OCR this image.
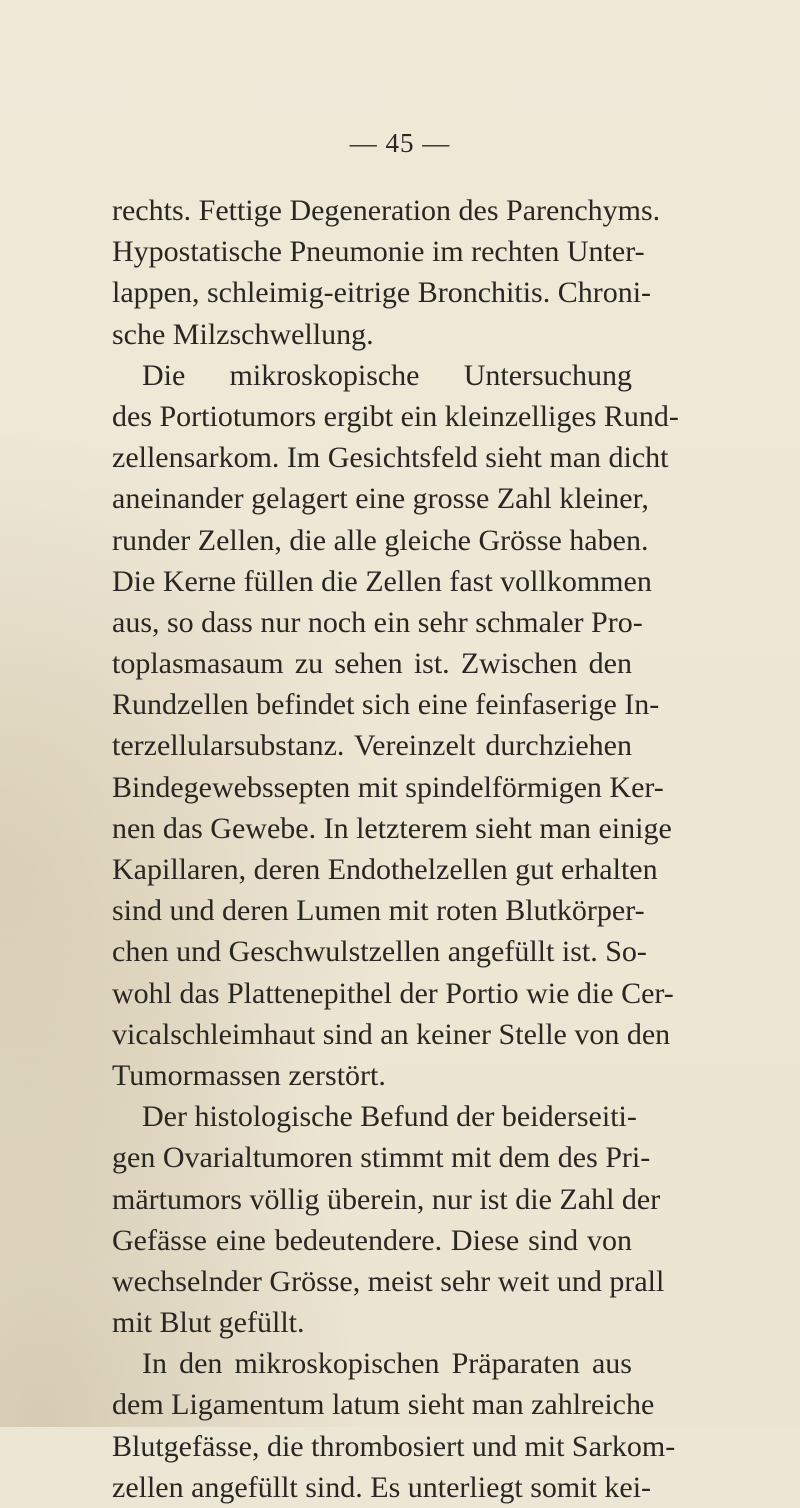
— 45 —
rechts. Fettige Degeneration des Parenchyms.
Hypostatische Pneumonie im rechten Unter-
lappen, schleimig-eitrige Bronchitis. Chroni-
sche Milzschwellung.
Die mikroskopische Untersuchung
des Portiotumors ergibt ein kleinzelliges Rund-
zellensarkom. Im Gesichtsfeld sieht man dicht
aneinander gelagert eine grosse Zahl kleiner,
runder Zellen, die alle gleiche Grösse haben.
Die Kerne füllen die Zellen fast vollkommen
aus, so dass nur noch ein sehr schmaler Pro-
toplasmasaum zu sehen ist. Zwischen den
Rundzellen befindet sich eine feinfaserige In-
terzellularsubstanz. Vereinzelt durchziehen
Bindegewebssepten mit spindelförmigen Ker-
nen das Gewebe. In letzterem sieht man einige
Kapillaren, deren Endothelzellen gut erhalten
sind und deren Lumen mit roten Blutkörper-
chen und Geschwulstzellen angefüllt ist. So-
wohl das Plattenepithel der Portio wie die Cer-
vicalschleimhaut sind an keiner Stelle von den
Tumormassen zerstört.
Der histologische Befund der beiderseiti-
gen Ovarialtumoren stimmt mit dem des Pri-
märtumors völlig überein, nur ist die Zahl der
Gefässe eine bedeutendere. Diese sind von
wechselnder Grösse, meist sehr weit und prall
mit Blut gefüllt.
In den mikroskopischen Präparaten aus
dem Ligamentum latum sieht man zahlreiche
Blutgefässe, die thrombosiert und mit Sarkom-
zellen angefüllt sind. Es unterliegt somit kei-
